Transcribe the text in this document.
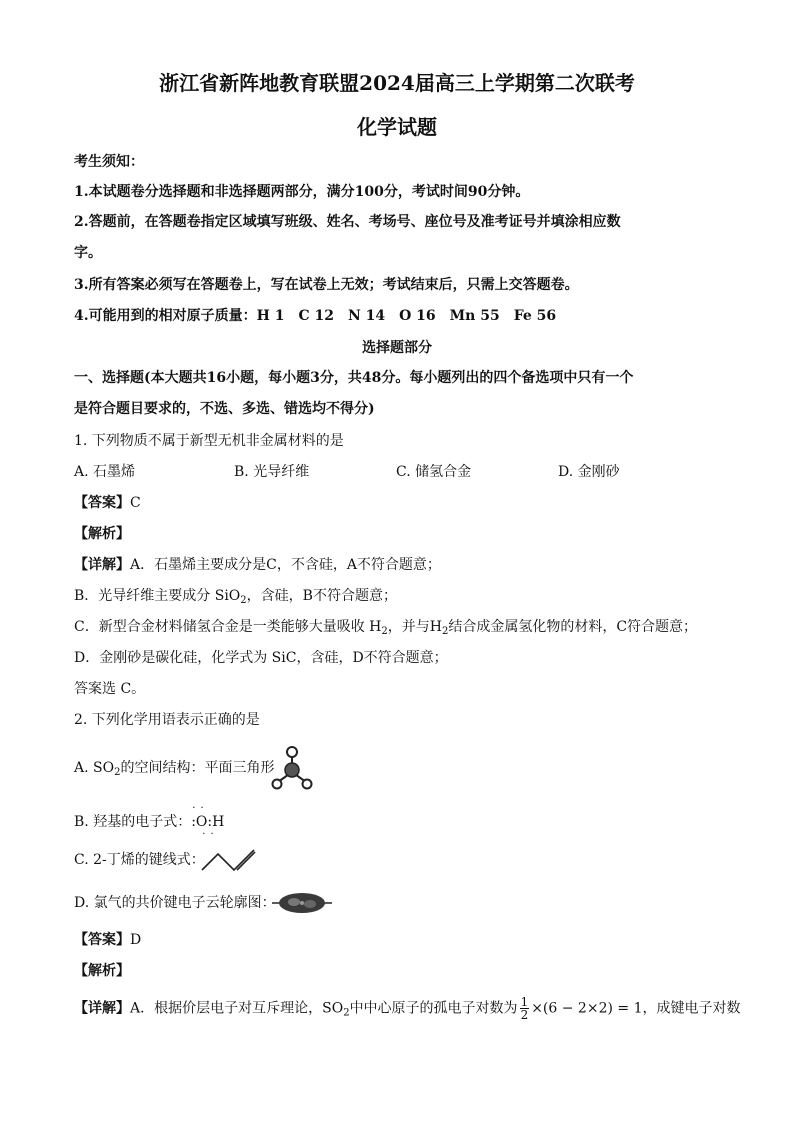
浙江省新阵地教育联盟2024届高三上学期第二次联考
化学试题
考生须知：
1.本试题卷分选择题和非选择题两部分，满分100分，考试时间90分钟。
2.答题前，在答题卷指定区域填写班级、姓名、考场号、座位号及准考证号并填涂相应数
字。
3.所有答案必须写在答题卷上，写在试卷上无效；考试结束后，只需上交答题卷。
4.可能用到的相对原子质量：H 1　C 12　N 14　O 16　Mn 55　Fe 56
选择题部分
一、选择题(本大题共16小题，每小题3分，共48分。每小题列出的四个备选项中只有一个
是符合题目要求的，不选、多选、错选均不得分)
1. 下列物质不属于新型无机非金属材料的是
A. 石墨烯	B. 光导纤维	C. 储氢合金	D. 金刚砂
【答案】C
【解析】
【详解】A．石墨烯主要成分是C，不含硅，A不符合题意；
B．光导纤维主要成分 SiO$_2$，含硅，B不符合题意；
C．新型合金材料储氢合金是一类能够大量吸收 $H_2$，并与$H_2$结合成金属氢化物的材料，C符合题意；
D．金刚砂是碳化硅，化学式为 SiC，含硅，D不符合题意；
答案选 C。
2. 下列化学用语表示正确的是
A. $SO_2$的空间结构：平面三角形
B. 羟基的电子式：
· ·
:O
· ·
:H
C. 2-丁烯的键线式：
D. 氯气的共价键电子云轮廓图：
【答案】D
【解析】
【详解】A．根据价层电子对互斥理论，$SO_2$中中心原子的孤电子对数为 $\frac{1}{2} \times(6 - 2\times 2) = 1$，成键电子对数
